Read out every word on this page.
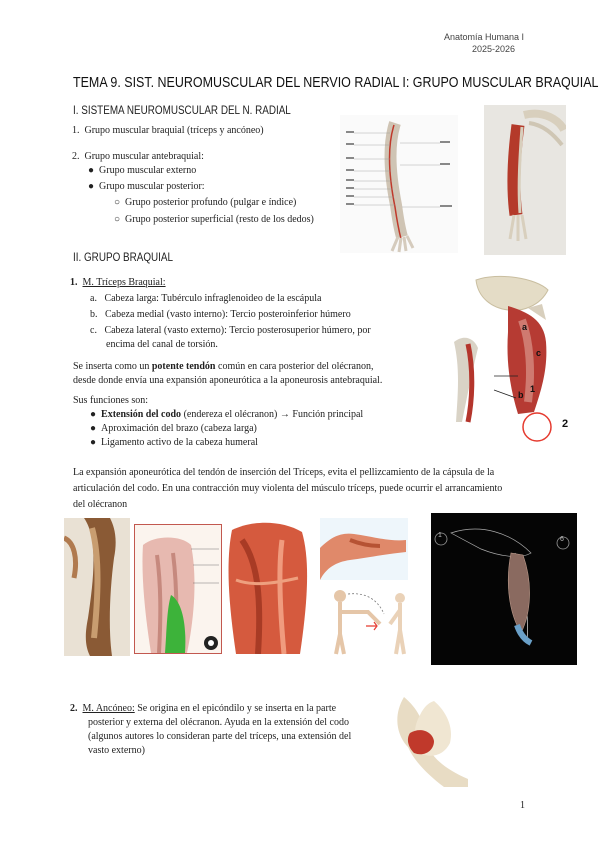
Anatomía Humana I
2025-2026
TEMA 9. SIST. NEUROMUSCULAR DEL NERVIO RADIAL I: GRUPO MUSCULAR BRAQUIAL
I. SISTEMA NEUROMUSCULAR DEL N. RADIAL
1. Grupo muscular braquial (tríceps y ancóneo)
2. Grupo muscular antebraquial:
● Grupo muscular externo
● Grupo muscular posterior:
○ Grupo posterior profundo (pulgar e índice)
○ Grupo posterior superficial (resto de los dedos)
II. GRUPO BRAQUIAL
1. M. Tríceps Braquial:
a. Cabeza larga: Tubérculo infraglenoideo de la escápula
b. Cabeza medial (vasto interno): Tercio posteroinferior húmero
c. Cabeza lateral (vasto externo): Tercio posterosuperior húmero, por
encima del canal de torsión.
Se inserta como un potente tendón común en cara posterior del olécranon,
desde donde envía una expansión aponeurótica a la aponeurosis antebraquial.
Sus funciones son:
● Extensión del codo (endereza el olécranon) → Función principal
● Aproximación del brazo (cabeza larga)
● Ligamento activo de la cabeza humeral
a
c
1
b
2
La expansión aponeurótica del tendón de inserción del Tríceps, evita el pellizcamiento de la cápsula de la
articulación del codo. En una contracción muy violenta del músculo tríceps, puede ocurrir el arrancamiento
del olécranon
1
6
2. M. Ancóneo: Se origina en el epicóndilo y se inserta en la parte
posterior y externa del olécranon. Ayuda en la extensión del codo
(algunos autores lo consideran parte del tríceps, una extensión del
vasto externo)
1
